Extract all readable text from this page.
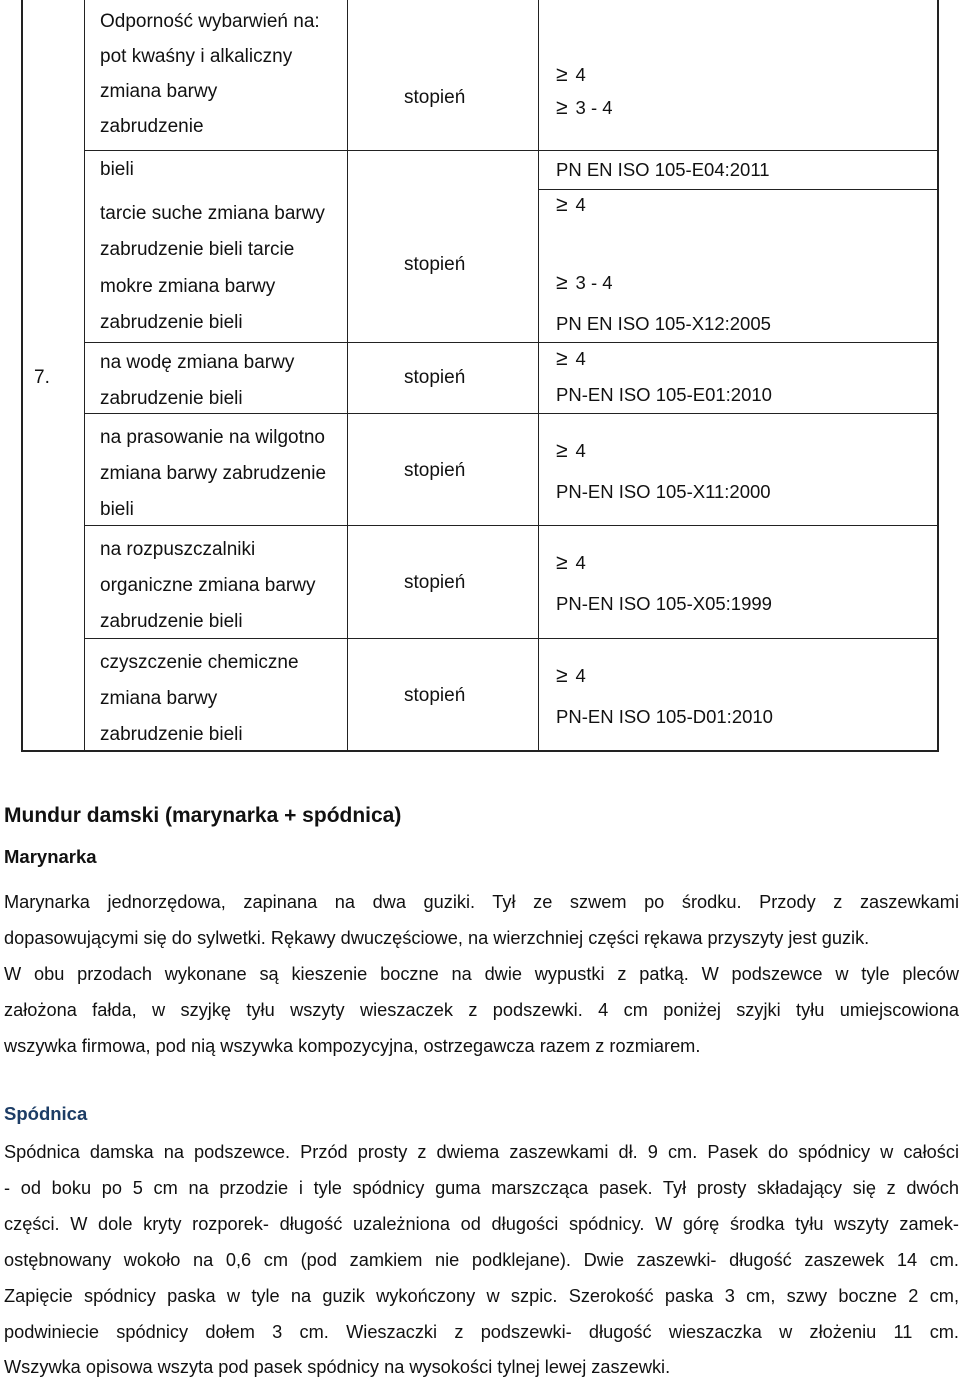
7.
Odporność wybarwień na:
pot kwaśny i alkaliczny
zmiana barwy
zabrudzenie
stopień
≥ 4
≥ 3 - 4
bieli	PN EN ISO 105-E04:2011
tarcie suche zmiana barwy
zabrudzenie bieli tarcie
mokre zmiana barwy
zabrudzenie bieli
stopień
≥ 4
≥ 3 - 4
PN EN ISO 105-X12:2005
na wodę zmiana barwy
zabrudzenie bieli
stopień
≥ 4
PN-EN ISO 105-E01:2010
na prasowanie na wilgotno
zmiana barwy zabrudzenie
bieli
stopień
≥ 4
PN-EN ISO 105-X11:2000
na rozpuszczalniki
organiczne zmiana barwy
zabrudzenie bieli
stopień
≥ 4
PN-EN ISO 105-X05:1999
czyszczenie chemiczne
zmiana barwy
zabrudzenie bieli
stopień
≥ 4
PN-EN ISO 105-D01:2010
Mundur damski (marynarka + spódnica)
Marynarka
Marynarka jednorzędowa, zapinana na dwa guziki. Tył ze szwem po środku. Przody z zaszewkami
dopasowującymi się do sylwetki. Rękawy dwuczęściowe, na wierzchniej części rękawa przyszyty jest guzik.
W obu przodach wykonane są kieszenie boczne na dwie wypustki z patką. W podszewce w tyle pleców
założona fałda, w szyjkę tyłu wszyty wieszaczek z podszewki. 4 cm poniżej szyjki tyłu umiejscowiona
wszywka firmowa, pod nią wszywka kompozycyjna, ostrzegawcza razem z rozmiarem.
Spódnica
Spódnica damska na podszewce. Przód prosty z dwiema zaszewkami dł. 9 cm. Pasek do spódnicy w całości
- od boku po 5 cm na przodzie i tyle spódnicy guma marszcząca pasek. Tył prosty składający się z dwóch
części. W dole kryty rozporek- długość uzależniona od długości spódnicy. W górę środka tyłu wszyty zamek-
ostębnowany wokoło na 0,6 cm (pod zamkiem nie podklejane). Dwie zaszewki- długość zaszewek 14 cm.
Zapięcie spódnicy paska w tyle na guzik wykończony w szpic. Szerokość paska 3 cm, szwy boczne 2 cm,
podwiniecie spódnicy dołem 3 cm. Wieszaczki z podszewki- długość wieszaczka w złożeniu 11 cm.
Wszywka opisowa wszyta pod pasek spódnicy na wysokości tylnej lewej zaszewki.
